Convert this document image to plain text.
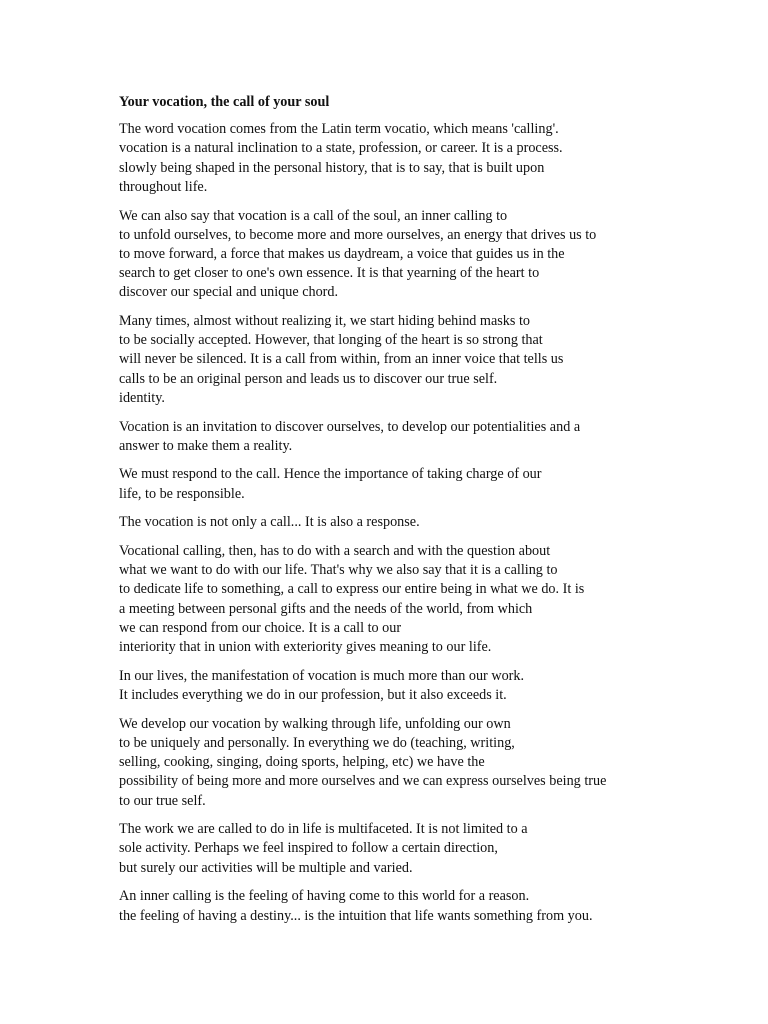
Your vocation, the call of your soul
The word vocation comes from the Latin term vocatio, which means 'calling'.
vocation is a natural inclination to a state, profession, or career. It is a process.
slowly being shaped in the personal history, that is to say, that is built upon
throughout life.
We can also say that vocation is a call of the soul, an inner calling to
to unfold ourselves, to become more and more ourselves, an energy that drives us to
to move forward, a force that makes us daydream, a voice that guides us in the
search to get closer to one's own essence. It is that yearning of the heart to
discover our special and unique chord.
Many times, almost without realizing it, we start hiding behind masks to
to be socially accepted. However, that longing of the heart is so strong that
will never be silenced. It is a call from within, from an inner voice that tells us
calls to be an original person and leads us to discover our true self.
identity.
Vocation is an invitation to discover ourselves, to develop our potentialities and a
answer to make them a reality.
We must respond to the call. Hence the importance of taking charge of our
life, to be responsible.
The vocation is not only a call... It is also a response.
Vocational calling, then, has to do with a search and with the question about
what we want to do with our life. That's why we also say that it is a calling to
to dedicate life to something, a call to express our entire being in what we do. It is
a meeting between personal gifts and the needs of the world, from which
we can respond from our choice. It is a call to our
interiority that in union with exteriority gives meaning to our life.
In our lives, the manifestation of vocation is much more than our work.
It includes everything we do in our profession, but it also exceeds it.
We develop our vocation by walking through life, unfolding our own
to be uniquely and personally. In everything we do (teaching, writing,
selling, cooking, singing, doing sports, helping, etc) we have the
possibility of being more and more ourselves and we can express ourselves being true
to our true self.
The work we are called to do in life is multifaceted. It is not limited to a
sole activity. Perhaps we feel inspired to follow a certain direction,
but surely our activities will be multiple and varied.
An inner calling is the feeling of having come to this world for a reason.
the feeling of having a destiny... is the intuition that life wants something from you.
